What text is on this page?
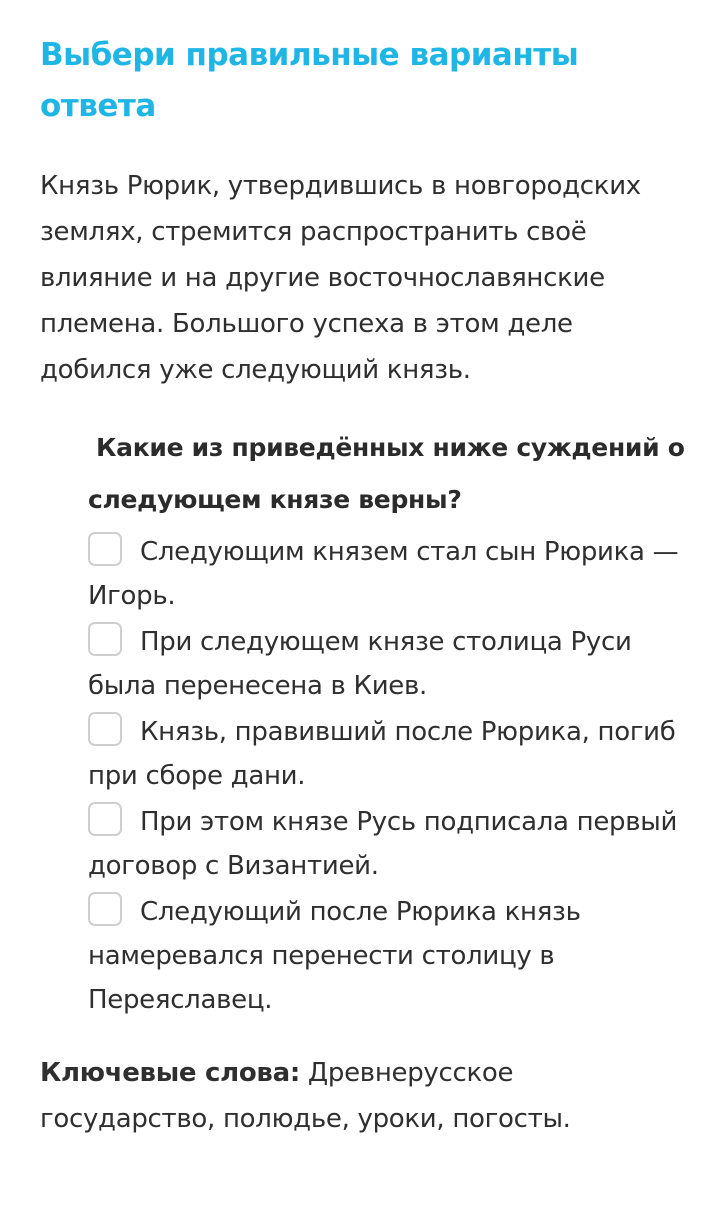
Выбери правильные варианты ответа

Князь Рюрик, утвердившись в новгородских землях, стремится распространить своё влияние и на другие восточнославянские племена. Большого успеха в этом деле добился уже следующий князь.

Какие из приведённых ниже суждений о следующем князе верны?

Следующим князем стал сын Рюрика — Игорь.
При следующем князе столица Руси была перенесена в Киев.
Князь, правивший после Рюрика, погиб при сборе дани.
При этом князе Русь подписала первый договор с Византией.
Следующий после Рюрика князь намеревался перенести столицу в Переяславец.

Ключевые слова: Древнерусское государство, полюдье, уроки, погосты.
